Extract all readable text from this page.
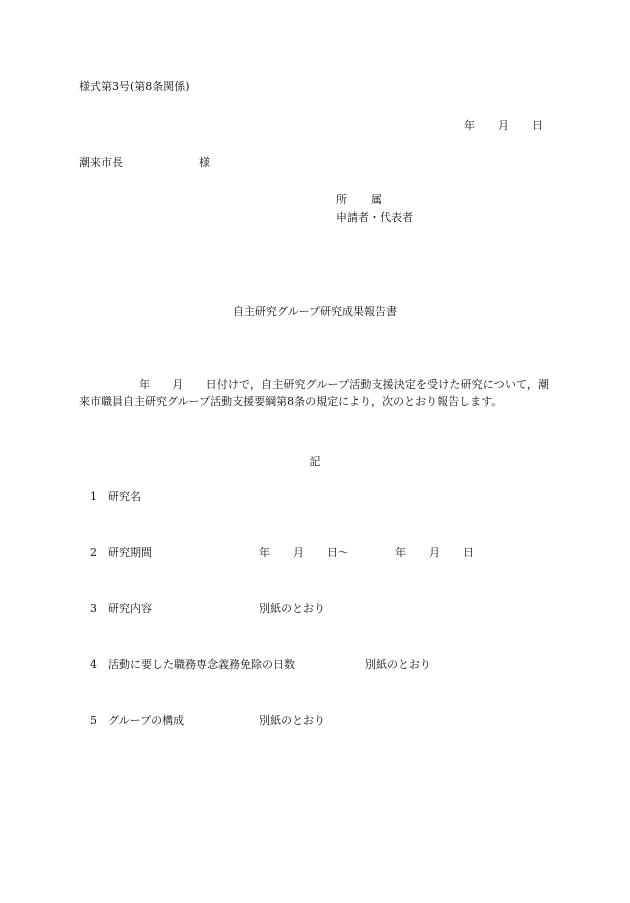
様式第3号(第8条関係)
年 月 日
潮来市長	様
所 属
申請者・代表者
自主研究グループ研究成果報告書
年 月 日付けで，自主研究グループ活動支援決定を受けた研究について，潮来市職員自主研究グループ活動支援要綱第8条の規定により，次のとおり報告します。
記
1 研究名
2 研究期間	年 月 日〜	年 月 日
3 研究内容	別紙のとおり
4 活動に要した職務専念義務免除の日数	別紙のとおり
5 グループの構成	別紙のとおり
